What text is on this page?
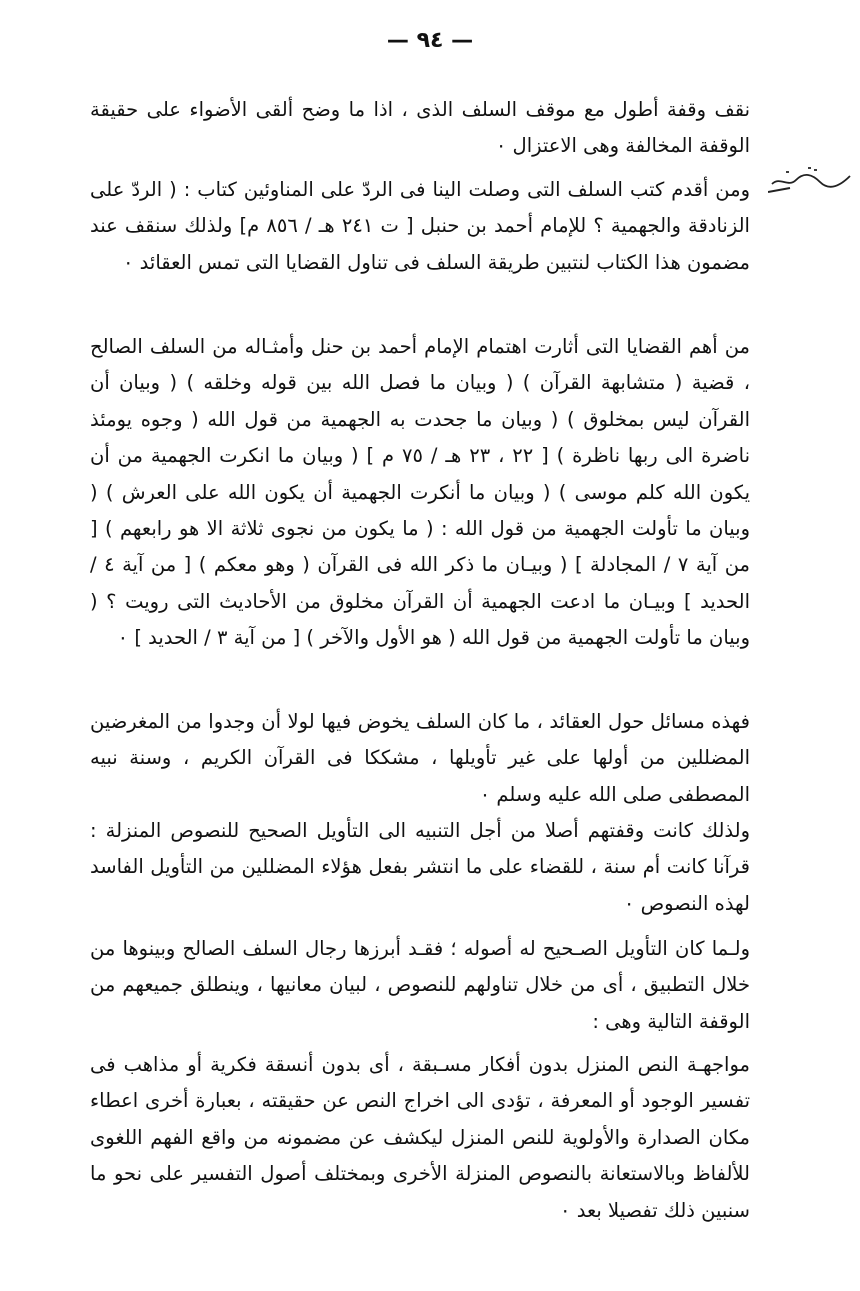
— ٩٤ —

نقف وقفة أطول مع موقف السلف الذى ، اذا ما وضح ألقى الأضواء على حقيقة الوقفة المخالفة وهى الاعتزال ٠

ومن أقدم كتب السلف التى وصلت الينا فى الردّ على المناوئين كتاب : ( الردّ على الزنادقة والجهمية ؟ للإمام أحمد بن حنبل [ ت ٢٤١ هـ / ٨٥٦ م] ولذلك سنقف عند مضمون هذا الكتاب لنتبين طريقة السلف فى تناول القضايا التى تمس العقائد ٠

من أهم القضايا التى أثارت اهتمام الإمام أحمد بن حنل وأمثـاله من السلف الصالح ، قضية ( متشابهة القرآن ) ( وبيان ما فصل الله بين قوله وخلقه ) ( وبيان أن القرآن ليس بمخلوق ) ( وبيان ما جحدت به الجهمية من قول الله ( وجوه يومئذ ناضرة الى ربها ناظرة ) [ ٢٢ ، ٢٣ هـ / ٧٥ م ] ( وبيان ما انكرت الجهمية من أن يكون الله كلم موسى ) ( وبيان ما أنكرت الجهمية أن يكون الله على العرش ) ( وبيان ما تأولت الجهمية من قول الله : ( ما يكون من نجوى ثلاثة الا هو رابعهم ) [ من آية ٧ / المجادلة ] ( وبيـان ما ذكر الله فى القرآن ( وهو معكم ) [ من آية ٤ / الحديد ] وبيـان ما ادعت الجهمية أن القرآن مخلوق من الأحاديث التى رويت ؟ ( وبيان ما تأولت الجهمية من قول الله ( هو الأول والآخر ) [ من آية ٣ / الحديد ] ٠

فهذه مسائل حول العقائد ، ما كان السلف يخوض فيها لولا أن وجدوا من المغرضين المضللين من أولها على غير تأويلها ، مشككا فى القرآن الكريم ، وسنة نبيه المصطفى صلى الله عليه وسلم ٠

ولذلك كانت وقفتهم أصلا من أجل التنبيه الى التأويل الصحيح للنصوص المنزلة : قرآنا كانت أم سنة ، للقضاء على ما انتشر بفعل هؤلاء المضللين من التأويل الفاسد لهذه النصوص ٠

ولـما كان التأويل الصـحيح له أصوله ؛ فقـد أبرزها رجال السلف الصالح وبينوها من خلال التطبيق ، أى من خلال تناولهم للنصوص ، لبيان معانيها ، وينطلق جميعهم من الوقفة التالية وهى :

مواجهـة النص المنزل بدون أفكار مسـبقة ، أى بدون أنسقة فكرية أو مذاهب فى تفسير الوجود أو المعرفة ، تؤدى الى اخراج النص عن حقيقته ، بعبارة أخرى اعطاء مكان الصدارة والأولوية للنص المنزل ليكشف عن مضمونه من واقع الفهم اللغوى للألفاظ وبالاستعانة بالنصوص المنزلة الأخرى وبمختلف أصول التفسير على نحو ما سنبين ذلك تفصيلا بعد ٠
